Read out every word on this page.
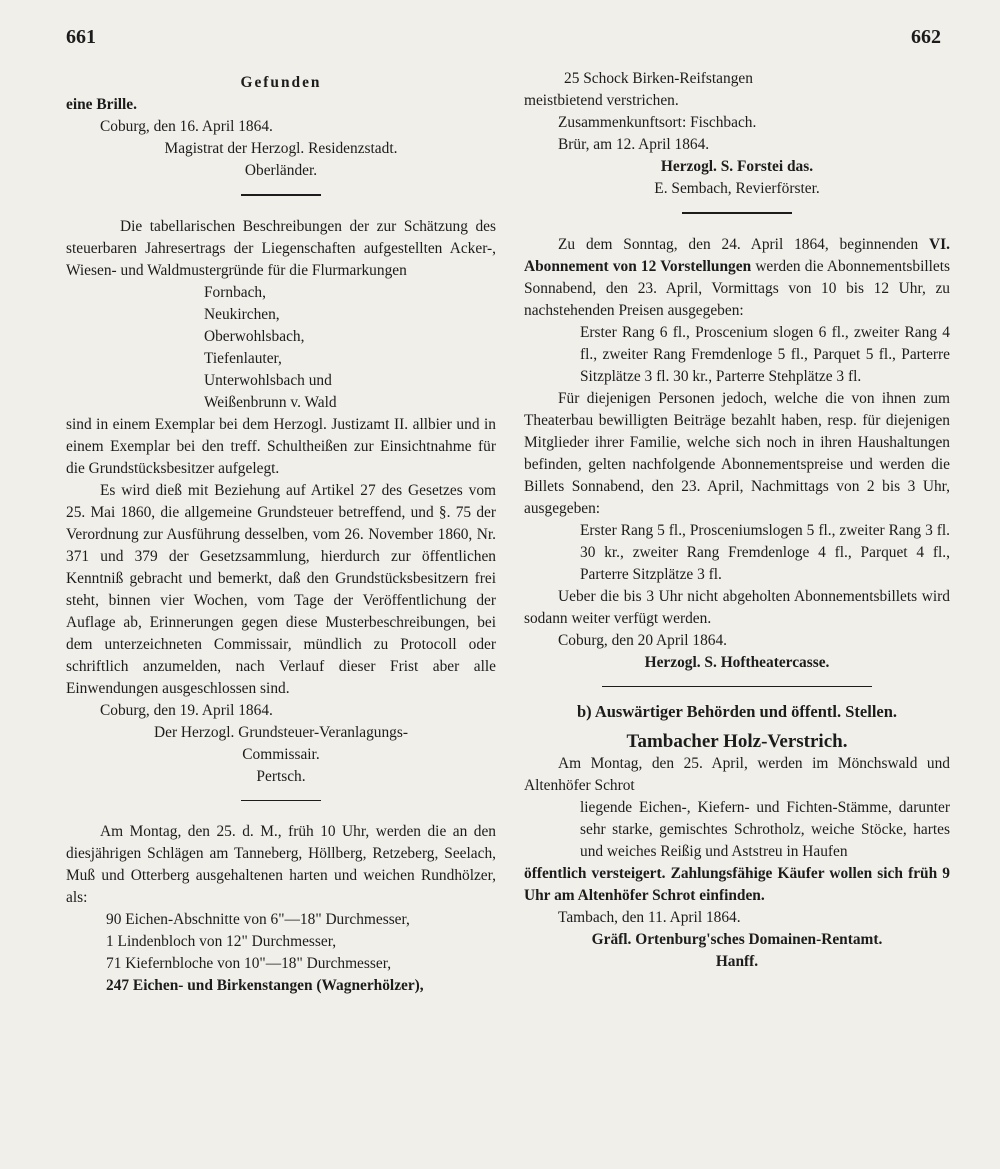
661	662

Gefunden

eine Brille.

Coburg, den 16. April 1864.

Magistrat der Herzogl. Residenzstadt.

Oberländer.

Die tabellarischen Beschreibungen der zur Schätzung des steuerbaren Jahresertrags der Liegenschaften aufgestellten Acker-, Wiesen- und Waldmustergründe für die Flurmarkungen

Fornbach,

Neukirchen,

Oberwohlsbach,

Tiefenlauter,

Unterwohlsbach und

Weißenbrunn v. Wald

sind in einem Exemplar bei dem Herzogl. Justizamt II. allbier und in einem Exemplar bei den treff. Schultheißen zur Einsichtnahme für die Grundstücksbesitzer aufgelegt.

Es wird dieß mit Beziehung auf Artikel 27 des Gesetzes vom 25. Mai 1860, die allgemeine Grundsteuer betreffend, und §. 75 der Verordnung zur Ausführung desselben, vom 26. November 1860, Nr. 371 und 379 der Gesetzsammlung, hierdurch zur öffentlichen Kenntniß gebracht und bemerkt, daß den Grundstücksbesitzern frei steht, binnen vier Wochen, vom Tage der Veröffentlichung der Auflage ab, Erinnerungen gegen diese Musterbeschreibungen, bei dem unterzeichneten Commissair, mündlich zu Protocoll oder schriftlich anzumelden, nach Verlauf dieser Frist aber alle Einwendungen ausgeschlossen sind.

Coburg, den 19. April 1864.

Der Herzogl. Grundsteuer-Veranlagungs-

Commissair.

Pertsch.

Am Montag, den 25. d. M., früh 10 Uhr, werden die an den diesjährigen Schlägen am Tanneberg, Höllberg, Retzeberg, Seelach, Muß und Otterberg ausgehaltenen harten und weichen Rundhölzer, als:

90 Eichen-Abschnitte von 6"—18" Durchmesser,

1 Lindenbloch von 12" Durchmesser,

71 Kiefernbloche von 10"—18" Durchmesser,

247 Eichen- und Birkenstangen (Wagnerhölzer),

25 Schock Birken-Reifstangen

meistbietend verstrichen.

Zusammenkunftsort: Fischbach.

Brür, am 12. April 1864.

Herzogl. S. Forstei das.

E. Sembach, Revierförster.

Zu dem Sonntag, den 24. April 1864, beginnenden VI. Abonnement von 12 Vorstellungen werden die Abonnementsbillets Sonnabend, den 23. April, Vormittags von 10 bis 12 Uhr, zu nachstehenden Preisen ausgegeben:

Erster Rang 6 fl., Proscenium slogen 6 fl., zweiter Rang 4 fl., zweiter Rang Fremdenloge 5 fl., Parquet 5 fl., Parterre Sitzplätze 3 fl. 30 kr., Parterre Stehplätze 3 fl.

Für diejenigen Personen jedoch, welche die von ihnen zum Theaterbau bewilligten Beiträge bezahlt haben, resp. für diejenigen Mitglieder ihrer Familie, welche sich noch in ihren Haushaltungen befinden, gelten nachfolgende Abonnementspreise und werden die Billets Sonnabend, den 23. April, Nachmittags von 2 bis 3 Uhr, ausgegeben:

Erster Rang 5 fl., Prosceniumslogen 5 fl., zweiter Rang 3 fl. 30 kr., zweiter Rang Fremdenloge 4 fl., Parquet 4 fl., Parterre Sitzplätze 3 fl.

Ueber die bis 3 Uhr nicht abgeholten Abonnementsbillets wird sodann weiter verfügt werden.

Coburg, den 20 April 1864.

Herzogl. S. Hoftheatercasse.

b) Auswärtiger Behörden und öffentl. Stellen.

Tambacher Holz-Verstrich.

Am Montag, den 25. April, werden im Mönchswald und Altenhöfer Schrot

liegende Eichen-, Kiefern- und Fichten-Stämme, darunter sehr starke, gemischtes Schrotholz, weiche Stöcke, hartes und weiches Reißig und Aststreu in Haufen

öffentlich versteigert. Zahlungsfähige Käufer wollen sich früh 9 Uhr am Altenhöfer Schrot einfinden.

Tambach, den 11. April 1864.

Gräfl. Ortenburg'sches Domainen-Rentamt.

Hanff.
